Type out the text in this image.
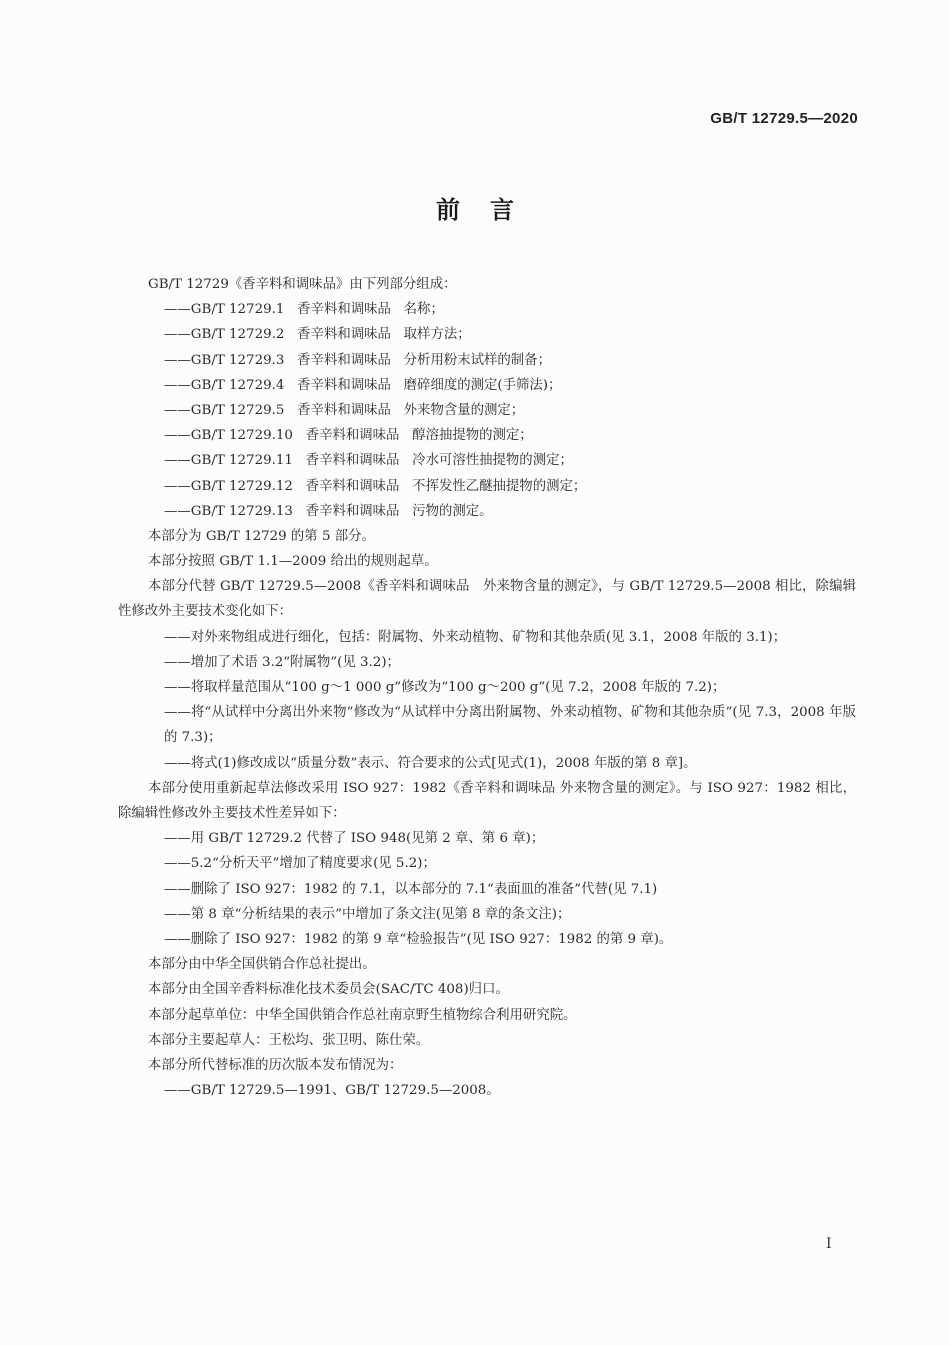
GB/T 12729.5—2020
前言
GB/T 12729《香辛料和调味品》由下列部分组成：
——GB/T 12729.1   香辛料和调味品   名称；
——GB/T 12729.2   香辛料和调味品   取样方法；
——GB/T 12729.3   香辛料和调味品   分析用粉末试样的制备；
——GB/T 12729.4   香辛料和调味品   磨碎细度的测定(手筛法)；
——GB/T 12729.5   香辛料和调味品   外来物含量的测定；
——GB/T 12729.10   香辛料和调味品   醇溶抽提物的测定；
——GB/T 12729.11   香辛料和调味品   冷水可溶性抽提物的测定；
——GB/T 12729.12   香辛料和调味品   不挥发性乙醚抽提物的测定；
——GB/T 12729.13   香辛料和调味品   污物的测定。
本部分为 GB/T 12729 的第 5 部分。
本部分按照 GB/T 1.1—2009 给出的规则起草。
本部分代替 GB/T 12729.5—2008《香辛料和调味品　外来物含量的测定》，与 GB/T 12729.5—2008 相比，除编辑性修改外主要技术变化如下：
——对外来物组成进行细化，包括：附属物、外来动植物、矿物和其他杂质(见 3.1，2008 年版的 3.1)；
——增加了术语 3.2“附属物”(见 3.2)；
——将取样量范围从“100 g～1 000 g”修改为“100 g～200 g”(见 7.2，2008 年版的 7.2)；
——将“从试样中分离出外来物”修改为“从试样中分离出附属物、外来动植物、矿物和其他杂质”(见 7.3，2008 年版的 7.3)；
——将式(1)修改成以“质量分数”表示、符合要求的公式[见式(1)，2008 年版的第 8 章]。
本部分使用重新起草法修改采用 ISO 927：1982《香辛料和调味品 外来物含量的测定》。与 ISO 927：1982 相比，除编辑性修改外主要技术性差异如下：
——用 GB/T 12729.2 代替了 ISO 948(见第 2 章、第 6 章)；
——5.2“分析天平”增加了精度要求(见 5.2)；
——删除了 ISO 927：1982 的 7.1，以本部分的 7.1“表面皿的准备”代替(见 7.1)
——第 8 章“分析结果的表示”中增加了条文注(见第 8 章的条文注)；
——删除了 ISO 927：1982 的第 9 章“检验报告”(见 ISO 927：1982 的第 9 章)。
本部分由中华全国供销合作总社提出。
本部分由全国辛香料标准化技术委员会(SAC/TC 408)归口。
本部分起草单位：中华全国供销合作总社南京野生植物综合利用研究院。
本部分主要起草人：王松均、张卫明、陈仕荣。
本部分所代替标准的历次版本发布情况为：
——GB/T 12729.5—1991、GB/T 12729.5—2008。
I
